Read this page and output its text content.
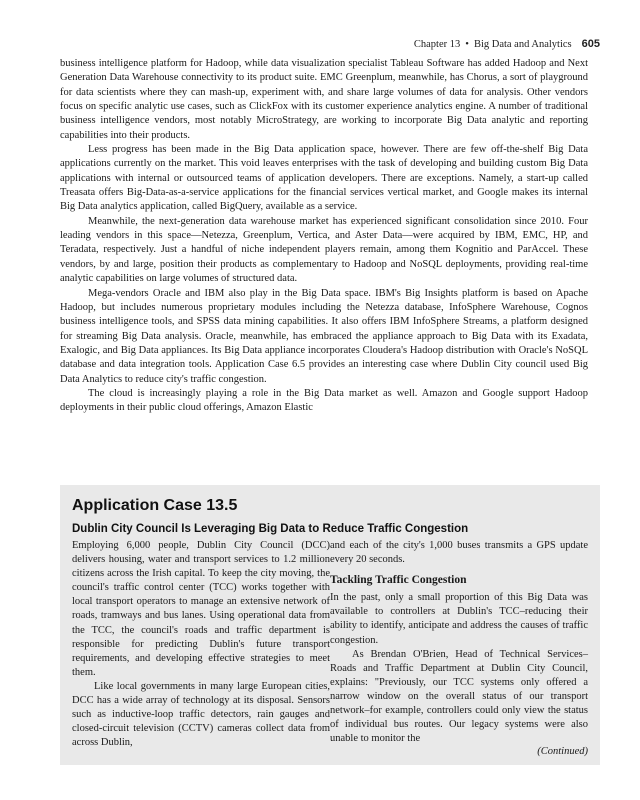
Chapter 13 • Big Data and Analytics 605

business intelligence platform for Hadoop, while data visualization specialist Tableau Software has added Hadoop and Next Generation Data Warehouse connectivity to its product suite. EMC Greenplum, meanwhile, has Chorus, a sort of playground for data scientists where they can mash-up, experiment with, and share large volumes of data for analysis. Other vendors focus on specific analytic use cases, such as ClickFox with its customer experience analytics engine. A number of traditional business intelligence vendors, most notably MicroStrategy, are working to incorporate Big Data analytic and reporting capabilities into their products.

Less progress has been made in the Big Data application space, however. There are few off-the-shelf Big Data applications currently on the market. This void leaves enterprises with the task of developing and building custom Big Data applications with internal or outsourced teams of application developers. There are exceptions. Namely, a start-up called Treasata offers Big-Data-as-a-service applications for the financial services vertical market, and Google makes its internal Big Data analytics application, called BigQuery, available as a service.

Meanwhile, the next-generation data warehouse market has experienced significant consolidation since 2010. Four leading vendors in this space—Netezza, Greenplum, Vertica, and Aster Data—were acquired by IBM, EMC, HP, and Teradata, respectively. Just a handful of niche independent players remain, among them Kognitio and ParAccel. These vendors, by and large, position their products as complementary to Hadoop and NoSQL deployments, providing real-time analytic capabilities on large volumes of structured data.

Mega-vendors Oracle and IBM also play in the Big Data space. IBM's Big Insights platform is based on Apache Hadoop, but includes numerous proprietary modules including the Netezza database, InfoSphere Warehouse, Cognos business intelligence tools, and SPSS data mining capabilities. It also offers IBM InfoSphere Streams, a platform designed for streaming Big Data analysis. Oracle, meanwhile, has embraced the appliance approach to Big Data with its Exadata, Exalogic, and Big Data appliances. Its Big Data appliance incorporates Cloudera's Hadoop distribution with Oracle's NoSQL database and data integration tools. Application Case 6.5 provides an interesting case where Dublin City council used Big Data Analytics to reduce city's traffic congestion.

The cloud is increasingly playing a role in the Big Data market as well. Amazon and Google support Hadoop deployments in their public cloud offerings, Amazon Elastic

Application Case 13.5
Dublin City Council Is Leveraging Big Data to Reduce Traffic Congestion

Employing 6,000 people, Dublin City Council (DCC) delivers housing, water and transport services to 1.2 million citizens across the Irish capital. To keep the city moving, the council's traffic control center (TCC) works together with local transport operators to manage an extensive network of roads, tramways and bus lanes. Using operational data from the TCC, the council's roads and traffic department is responsible for predicting Dublin's future transport requirements, and developing effective strategies to meet them.

Like local governments in many large European cities, DCC has a wide array of technology at its disposal. Sensors such as inductive-loop traffic detectors, rain gauges and closed-circuit television (CCTV) cameras collect data from across Dublin,

and each of the city's 1,000 buses transmits a GPS update every 20 seconds.

Tackling Traffic Congestion

In the past, only a small proportion of this Big Data was available to controllers at Dublin's TCC–reducing their ability to identify, anticipate and address the causes of traffic congestion.

As Brendan O'Brien, Head of Technical Services–Roads and Traffic Department at Dublin City Council, explains: "Previously, our TCC systems only offered a narrow window on the overall status of our transport network–for example, controllers could only view the status of individual bus routes. Our legacy systems were also unable to monitor the

(Continued)
